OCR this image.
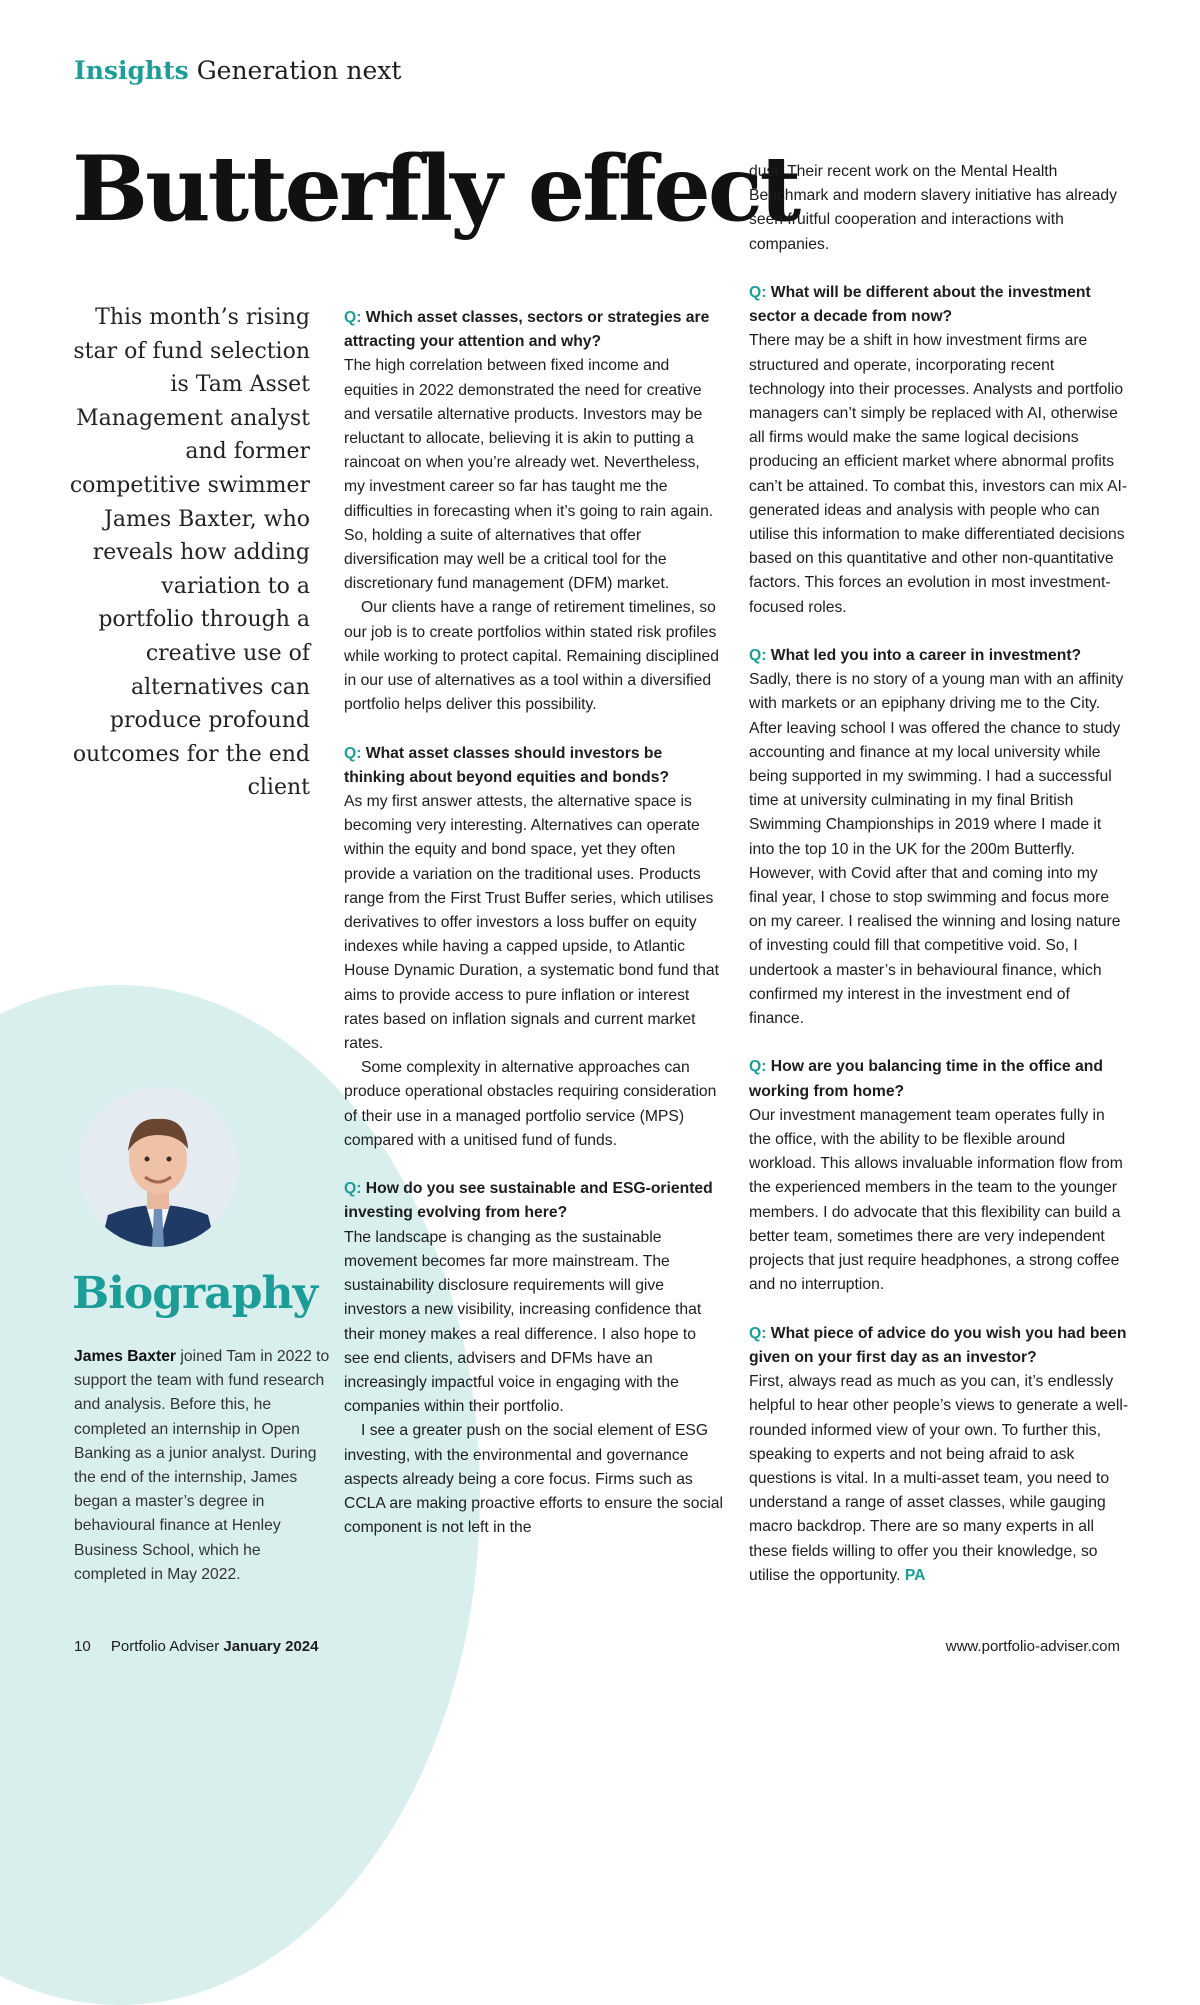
Insights Generation next
Butterfly effect

This month’s rising star of fund selection is Tam Asset Management analyst and former competitive swimmer James Baxter, who reveals how adding variation to a portfolio through a creative use of alternatives can produce profound outcomes for the end client

Q: Which asset classes, sectors or strategies are attracting your attention and why?

The high correlation between fixed income and equities in 2022 demonstrated the need for creative and versatile alternative products. Investors may be reluctant to allocate, believing it is akin to putting a raincoat on when you’re already wet. Nevertheless, my investment career so far has taught me the difficulties in forecasting when it’s going to rain again. So, holding a suite of alternatives that offer diversification may well be a critical tool for the discretionary fund management (DFM) market.

Our clients have a range of retirement timelines, so our job is to create portfolios within stated risk profiles while working to protect capital. Remaining disciplined in our use of alternatives as a tool within a diversified portfolio helps deliver this possibility.

Q: What asset classes should investors be thinking about beyond equities and bonds?

As my first answer attests, the alternative space is becoming very interesting. Alternatives can operate within the equity and bond space, yet they often provide a variation on the traditional uses. Products range from the First Trust Buffer series, which utilises derivatives to offer investors a loss buffer on equity indexes while having a capped upside, to Atlantic House Dynamic Duration, a systematic bond fund that aims to provide access to pure inflation or interest rates based on inflation signals and current market rates.

Some complexity in alternative approaches can produce operational obstacles requiring consideration of their use in a managed portfolio service (MPS) compared with a unitised fund of funds.

Q: How do you see sustainable and ESG-oriented investing evolving from here?

The landscape is changing as the sustainable movement becomes far more mainstream. The sustainability disclosure requirements will give investors a new visibility, increasing confidence that their money makes a real difference. I also hope to see end clients, advisers and DFMs have an increasingly impactful voice in engaging with the companies within their portfolio.

I see a greater push on the social element of ESG investing, with the environmental and governance aspects already being a core focus. Firms such as CCLA are making proactive efforts to ensure the social component is not left in the

dust. Their recent work on the Mental Health Benchmark and modern slavery initiative has already seen fruitful cooperation and interactions with companies.

Q: What will be different about the investment sector a decade from now?

There may be a shift in how investment firms are structured and operate, incorporating recent technology into their processes. Analysts and portfolio managers can’t simply be replaced with AI, otherwise all firms would make the same logical decisions producing an efficient market where abnormal profits can’t be attained. To combat this, investors can mix AI-generated ideas and analysis with people who can utilise this information to make differentiated decisions based on this quantitative and other non-quantitative factors. This forces an evolution in most investment-focused roles.

Q: What led you into a career in investment?

Sadly, there is no story of a young man with an affinity with markets or an epiphany driving me to the City. After leaving school I was offered the chance to study accounting and finance at my local university while being supported in my swimming. I had a successful time at university culminating in my final British Swimming Championships in 2019 where I made it into the top 10 in the UK for the 200m Butterfly. However, with Covid after that and coming into my final year, I chose to stop swimming and focus more on my career. I realised the winning and losing nature of investing could fill that competitive void. So, I undertook a master’s in behavioural finance, which confirmed my interest in the investment end of finance.

Q: How are you balancing time in the office and working from home?

Our investment management team operates fully in the office, with the ability to be flexible around workload. This allows invaluable information flow from the experienced members in the team to the younger members. I do advocate that this flexibility can build a better team, sometimes there are very independent projects that just require headphones, a strong coffee and no interruption.

Q: What piece of advice do you wish you had been given on your first day as an investor?

First, always read as much as you can, it’s endlessly helpful to hear other people’s views to generate a well-rounded informed view of your own. To further this, speaking to experts and not being afraid to ask questions is vital. In a multi-asset team, you need to understand a range of asset classes, while gauging macro backdrop. There are so many experts in all these fields willing to offer you their knowledge, so utilise the opportunity. PA

Biography

James Baxter joined Tam in 2022 to support the team with fund research and analysis. Before this, he completed an internship in Open Banking as a junior analyst. During the end of the internship, James began a master’s degree in behavioural finance at Henley Business School, which he completed in May 2022.

10 Portfolio Adviser January 2024	www.portfolio-adviser.com
